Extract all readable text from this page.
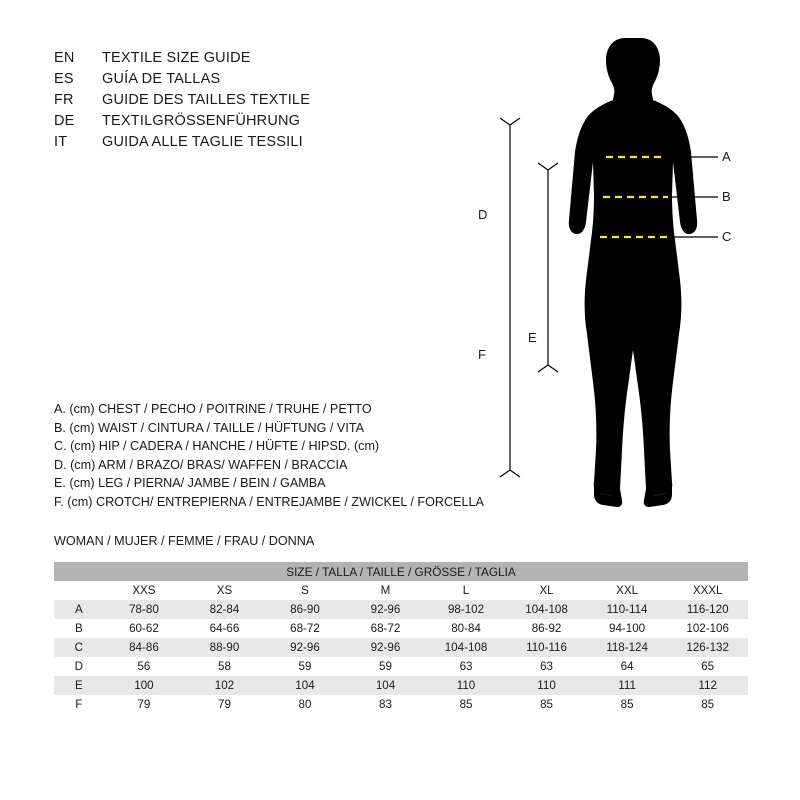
EN	TEXTILE SIZE GUIDE
ES	GUÍA DE TALLAS
FR	GUIDE DES TAILLES TEXTILE
DE	TEXTILGRÖSSENFÜHRUNG
IT	GUIDA ALLE TAGLIE TESSILI
A
B
C
D
E
F
A. (cm) CHEST / PECHO / POITRINE / TRUHE / PETTO
B. (cm) WAIST / CINTURA / TAILLE / HÜFTUNG / VITA
C. (cm) HIP / CADERA / HANCHE / HÜFTE / HIPSD. (cm)
D. (cm) ARM / BRAZO/ BRAS/ WAFFEN / BRACCIA
E. (cm) LEG / PIERNA/ JAMBE / BEIN / GAMBA
F. (cm) CROTCH/ ENTREPIERNA / ENTREJAMBE / ZWICKEL / FORCELLA
WOMAN / MUJER / FEMME / FRAU / DONNA
SIZE / TALLA / TAILLE / GRÖSSE / TAGLIA								
	XXS	XS	S	M	L	XL	XXL	XXXL
A	78-80	82-84	86-90	92-96	98-102	104-108	110-114	116-120
B	60-62	64-66	68-72	68-72	80-84	86-92	94-100	102-106
C	84-86	88-90	92-96	92-96	104-108	110-116	118-124	126-132
D	56	58	59	59	63	63	64	65
E	100	102	104	104	110	110	111	112
F	79	79	80	83	85	85	85	85
